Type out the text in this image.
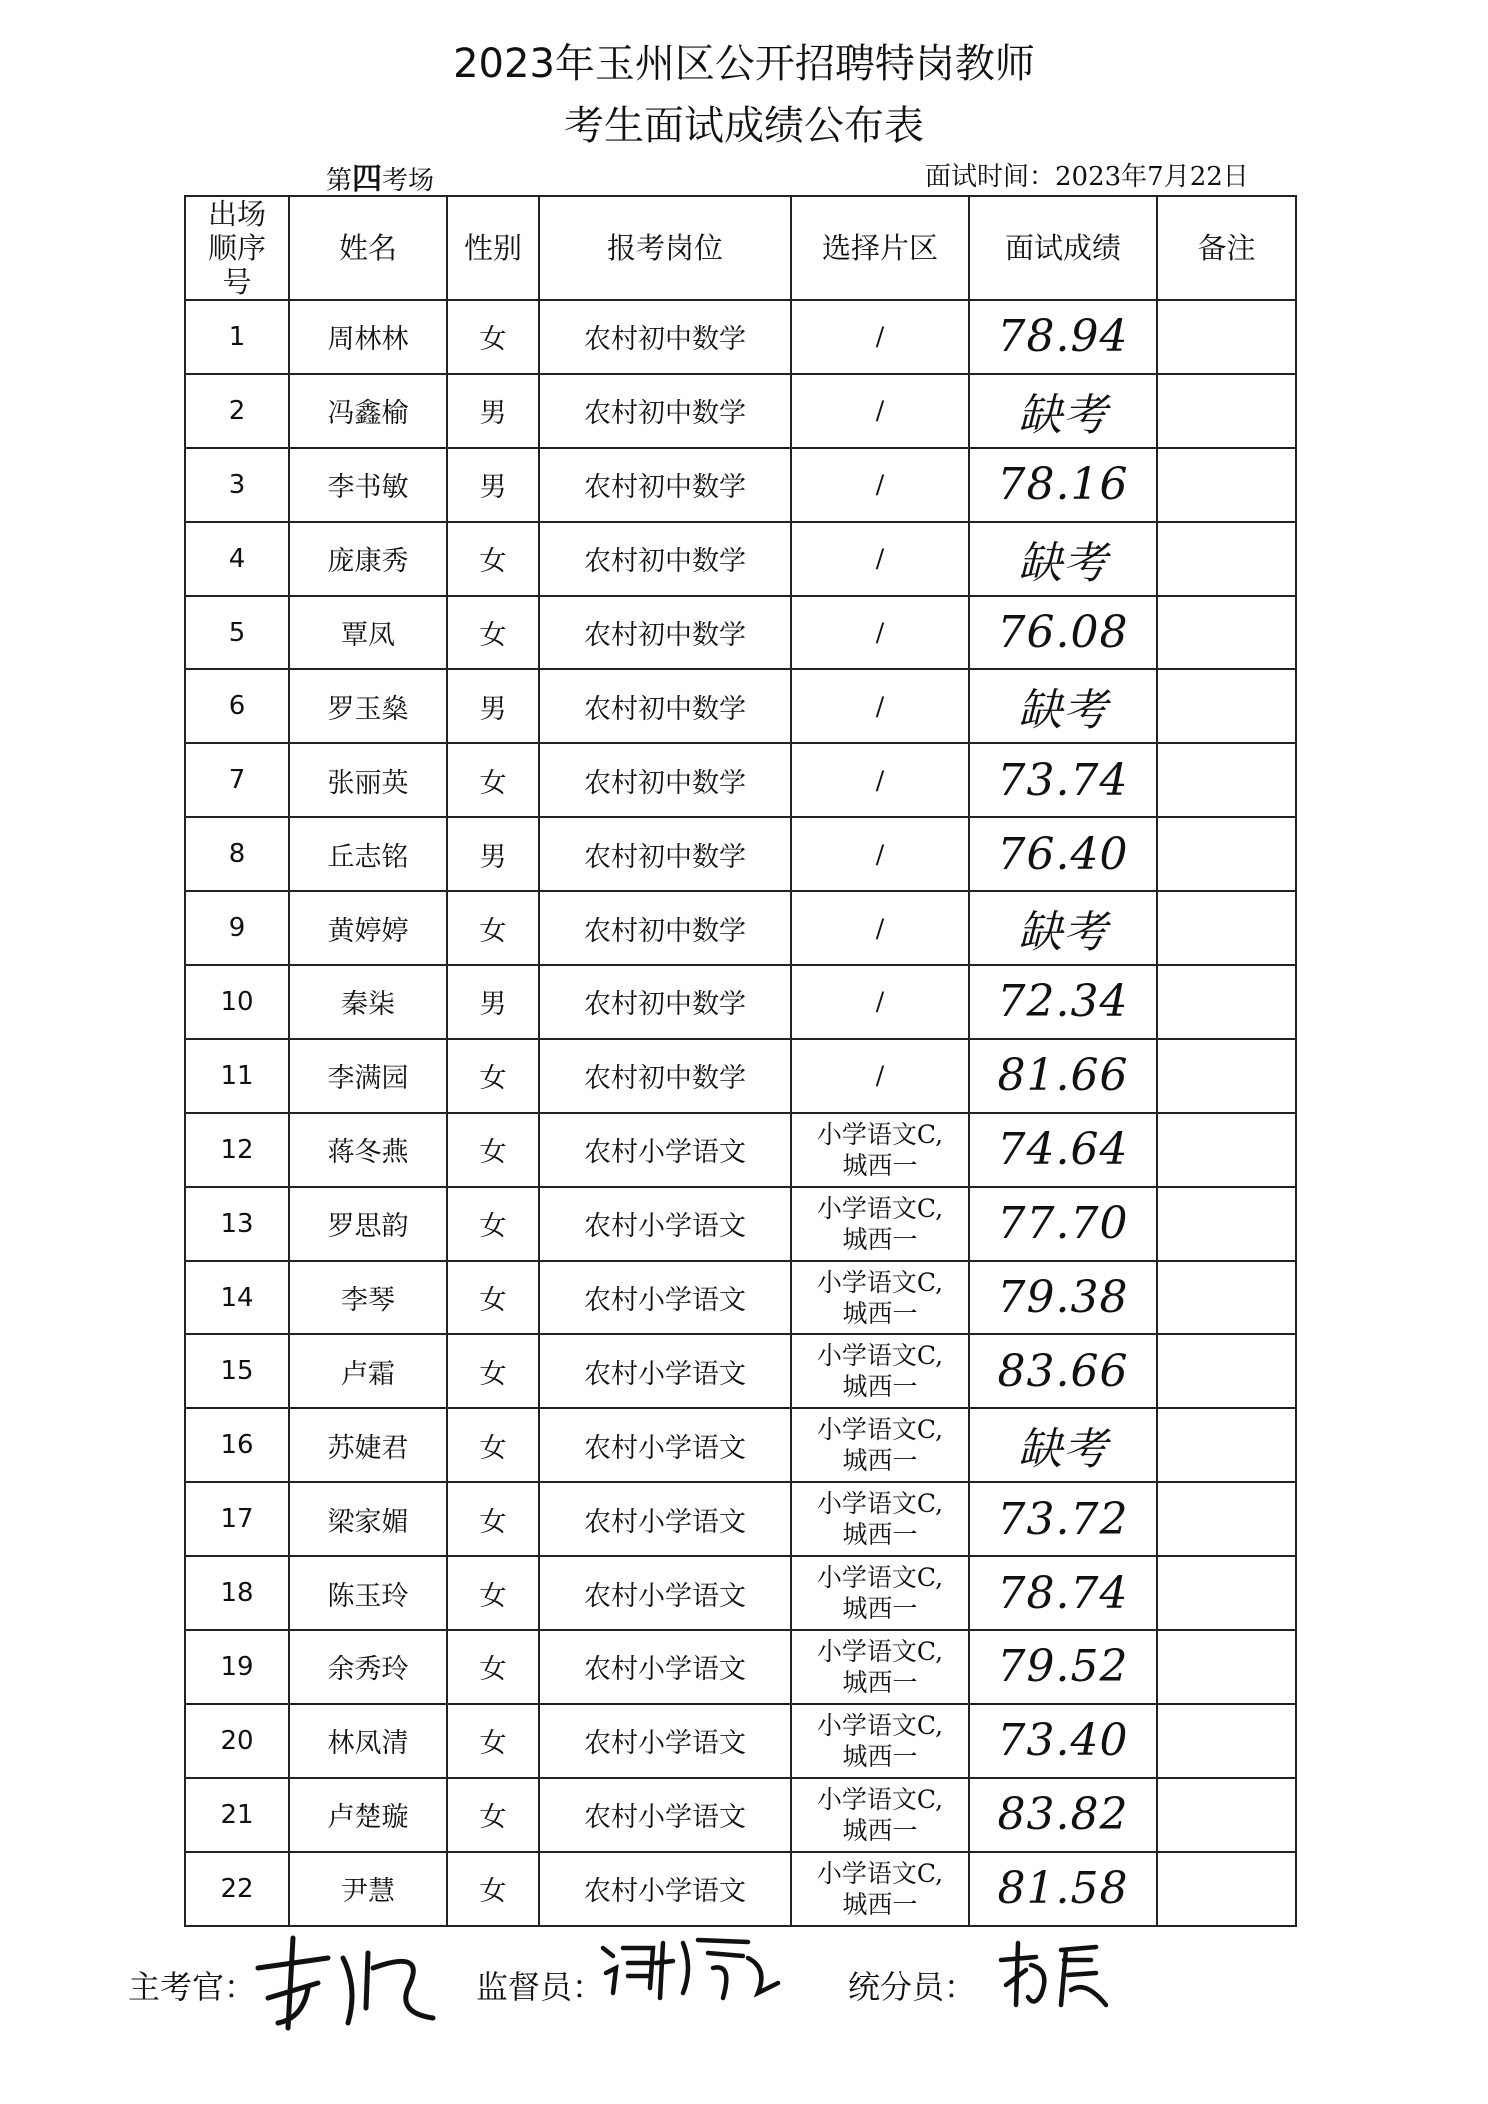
2023年玉州区公开招聘特岗教师
考生面试成绩公布表
第四考场	面试时间：2023年7月22日
出场顺序号	姓名	性别	报考岗位	选择片区	面试成绩	备注
1	周林林	女	农村初中数学	/	78.94	
2	冯鑫榆	男	农村初中数学	/	缺考	
3	李书敏	男	农村初中数学	/	78.16	
4	庞康秀	女	农村初中数学	/	缺考	
5	覃凤	女	农村初中数学	/	76.08	
6	罗玉燊	男	农村初中数学	/	缺考	
7	张丽英	女	农村初中数学	/	73.74	
8	丘志铭	男	农村初中数学	/	76.40	
9	黄婷婷	女	农村初中数学	/	缺考	
10	秦柒	男	农村初中数学	/	72.34	
11	李满园	女	农村初中数学	/	81.66	
12	蒋冬燕	女	农村小学语文	小学语文C,城西一	74.64	
13	罗思韵	女	农村小学语文	小学语文C,城西一	77.70	
14	李琴	女	农村小学语文	小学语文C,城西一	79.38	
15	卢霜	女	农村小学语文	小学语文C,城西一	83.66	
16	苏婕君	女	农村小学语文	小学语文C,城西一	缺考	
17	梁家媚	女	农村小学语文	小学语文C,城西一	73.72	
18	陈玉玲	女	农村小学语文	小学语文C,城西一	78.74	
19	余秀玲	女	农村小学语文	小学语文C,城西一	79.52	
20	林凤清	女	农村小学语文	小学语文C,城西一	73.40	
21	卢楚璇	女	农村小学语文	小学语文C,城西一	83.82	
22	尹慧	女	农村小学语文	小学语文C,城西一	81.58	
主考官：	监督员：	统分员：
